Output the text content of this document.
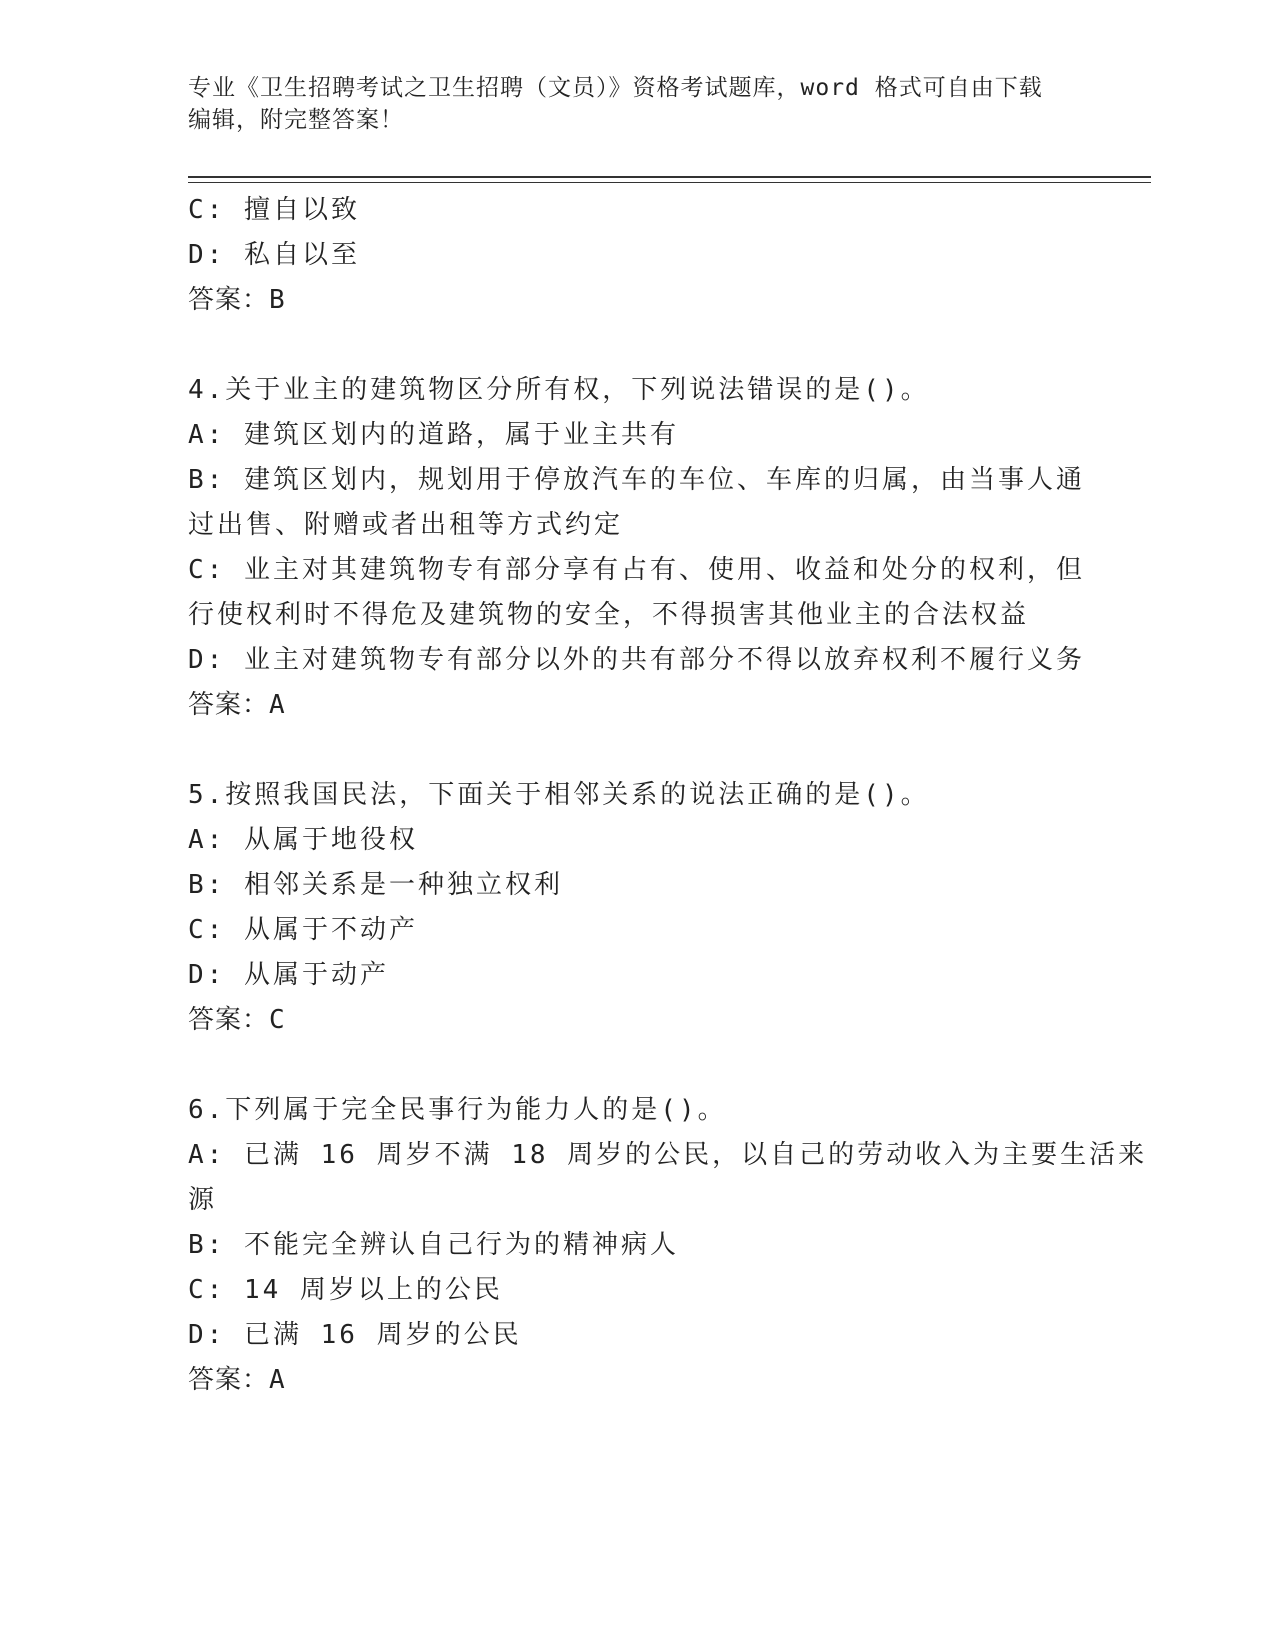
专业《卫生招聘考试之卫生招聘（文员）》资格考试题库，word 格式可自由下载
编辑，附完整答案！
C: 擅自以致
D: 私自以至
答案：B
4.关于业主的建筑物区分所有权，下列说法错误的是()。
A: 建筑区划内的道路，属于业主共有
B: 建筑区划内，规划用于停放汽车的车位、车库的归属，由当事人通
过出售、附赠或者出租等方式约定
C: 业主对其建筑物专有部分享有占有、使用、收益和处分的权利，但
行使权利时不得危及建筑物的安全，不得损害其他业主的合法权益
D: 业主对建筑物专有部分以外的共有部分不得以放弃权利不履行义务
答案：A
5.按照我国民法，下面关于相邻关系的说法正确的是()。
A: 从属于地役权
B: 相邻关系是一种独立权利
C: 从属于不动产
D: 从属于动产
答案：C
6.下列属于完全民事行为能力人的是()。
A: 已满 16 周岁不满 18 周岁的公民，以自己的劳动收入为主要生活来
源
B: 不能完全辨认自己行为的精神病人
C: 14 周岁以上的公民
D: 已满 16 周岁的公民
答案：A
